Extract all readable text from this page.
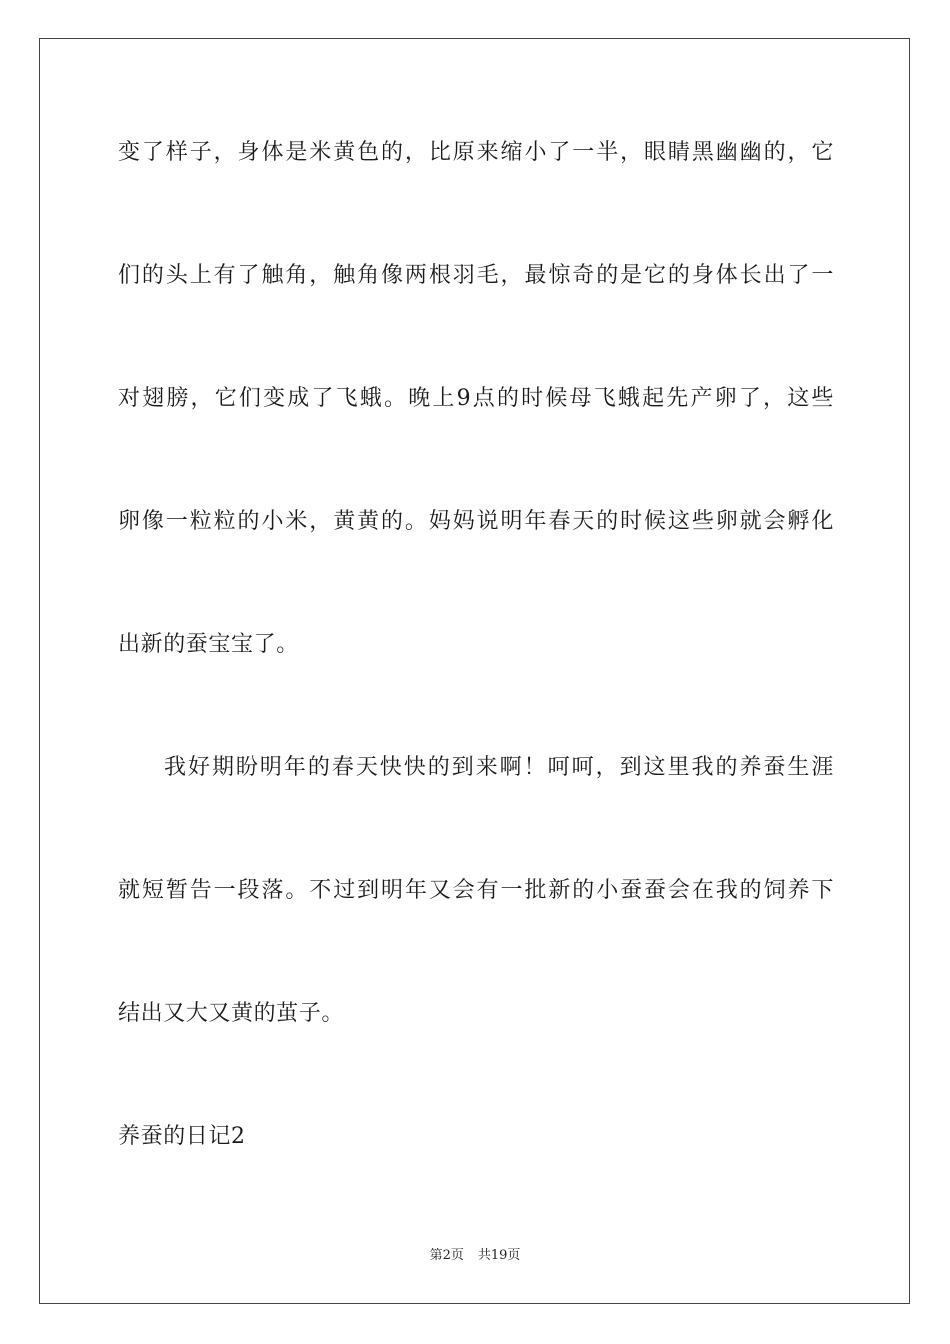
变了样子，身体是米黄色的，比原来缩小了一半，眼睛黑幽幽的，它
们的头上有了触角，触角像两根羽毛，最惊奇的是它的身体长出了一
对翅膀，它们变成了飞蛾。晚上9点的时候母飞蛾起先产卵了，这些
卵像一粒粒的小米，黄黄的。妈妈说明年春天的时候这些卵就会孵化
出新的蚕宝宝了。
我好期盼明年的春天快快的到来啊！呵呵，到这里我的养蚕生涯
就短暂告一段落。不过到明年又会有一批新的小蚕蚕会在我的饲养下
结出又大又黄的茧子。
养蚕的日记2
第2页 共19页
